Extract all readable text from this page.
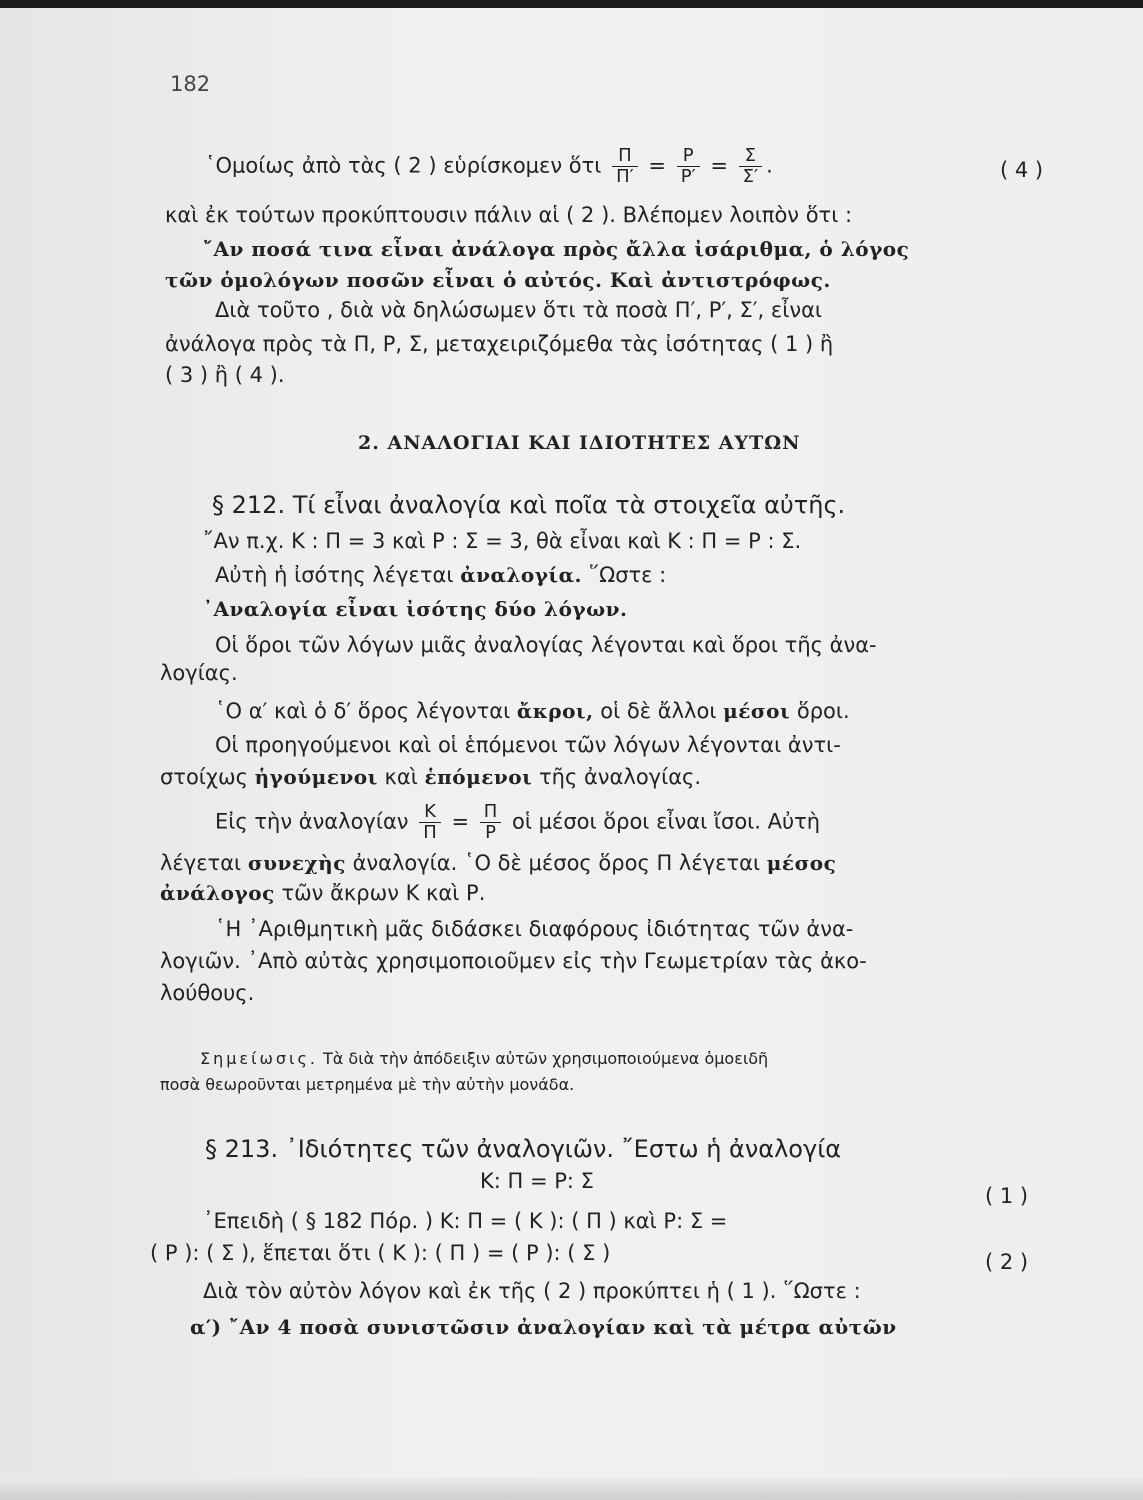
182
῾Ομοίως ἀπὸ τὰς ( 2 ) εὑρίσκομεν ὅτι $\frac{\Pi}{\Pi'} = \frac{P}{P'} = \frac{\Sigma}{\Sigma'}$ .	( 4 )
καὶ ἐκ τούτων προκύπτουσιν πάλιν αἱ ( 2 ). Βλέπομεν λοιπὸν ὅτι :
῎Αν ποσά τινα εἶναι ἀνάλογα πρὸς ἄλλα ἰσάριθμα, ὁ λόγος
τῶν ὁμολόγων ποσῶν εἶναι ὁ αὐτός. Καὶ ἀντιστρόφως.
Διὰ τοῦτο , διὰ νὰ δηλώσωμεν ὅτι τὰ ποσὰ Π′, Ρ′, Σ′, εἶναι
ἀνάλογα πρὸς τὰ Π, Ρ, Σ, μεταχειριζόμεθα τὰς ἰσότητας ( 1 ) ἢ
( 3 ) ἢ ( 4 ).
2. ΑΝΑΛΟΓΙΑΙ ΚΑΙ ΙΔΙΟΤΗΤΕΣ ΑΥΤΩΝ
§ 212. Τί εἶναι ἀναλογία καὶ ποῖα τὰ στοιχεῖα αὐτῆς.
῎Αν π.χ. Κ : Π = 3 καὶ Ρ : Σ = 3, θὰ εἶναι καὶ Κ : Π = Ρ : Σ.
Αὐτὴ ἡ ἰσότης λέγεται ἀναλογία. ῞Ωστε :
᾿Αναλογία εἶναι ἰσότης δύο λόγων.
Οἱ ὅροι τῶν λόγων μιᾶς ἀναλογίας λέγονται καὶ ὅροι τῆς ἀνα-
λογίας.
῾Ο α′ καὶ ὁ δ′ ὅρος λέγονται ἄκροι, οἱ δὲ ἄλλοι μέσοι ὅροι.
Οἱ προηγούμενοι καὶ οἱ ἑπόμενοι τῶν λόγων λέγονται ἀντι-
στοίχως ἡγούμενοι καὶ ἑπόμενοι τῆς ἀναλογίας.
Εἰς τὴν ἀναλογίαν $\frac{K}{\Pi} = \frac{\Pi}{P}$ οἱ μέσοι ὅροι εἶναι ἴσοι. Αὐτὴ
λέγεται συνεχὴς ἀναλογία. ῾Ο δὲ μέσος ὅρος Π λέγεται μέσος
ἀνάλογος τῶν ἄκρων Κ καὶ Ρ.
῾Η ᾿Αριθμητικὴ μᾶς διδάσκει διαφόρους ἰδιότητας τῶν ἀνα-
λογιῶν. ᾿Απὸ αὐτὰς χρησιμοποιοῦμεν εἰς τὴν Γεωμετρίαν τὰς ἀκο-
λούθους.
Σημείωσις. Τὰ διὰ τὴν ἀπόδειξιν αὐτῶν χρησιμοποιούμενα ὁμοειδῆ
ποσὰ θεωροῦνται μετρημένα μὲ τὴν αὐτὴν μονάδα.
§ 213. ᾿Ιδιότητες τῶν ἀναλογιῶν. ῎Εστω ἡ ἀναλογία
Κ: Π = Ρ: Σ
( 1 )
᾿Επειδὴ ( § 182 Πόρ. ) Κ: Π = ( Κ ): ( Π ) καὶ Ρ: Σ =
( Ρ ): ( Σ ), ἕπεται ὅτι ( Κ ): ( Π ) = ( Ρ ): ( Σ )	( 2 )
Διὰ τὸν αὐτὸν λόγον καὶ ἐκ τῆς ( 2 ) προκύπτει ἡ ( 1 ). ῞Ωστε :
α′) ῎Αν 4 ποσὰ συνιστῶσιν ἀναλογίαν καὶ τὰ μέτρα αὐτῶν
